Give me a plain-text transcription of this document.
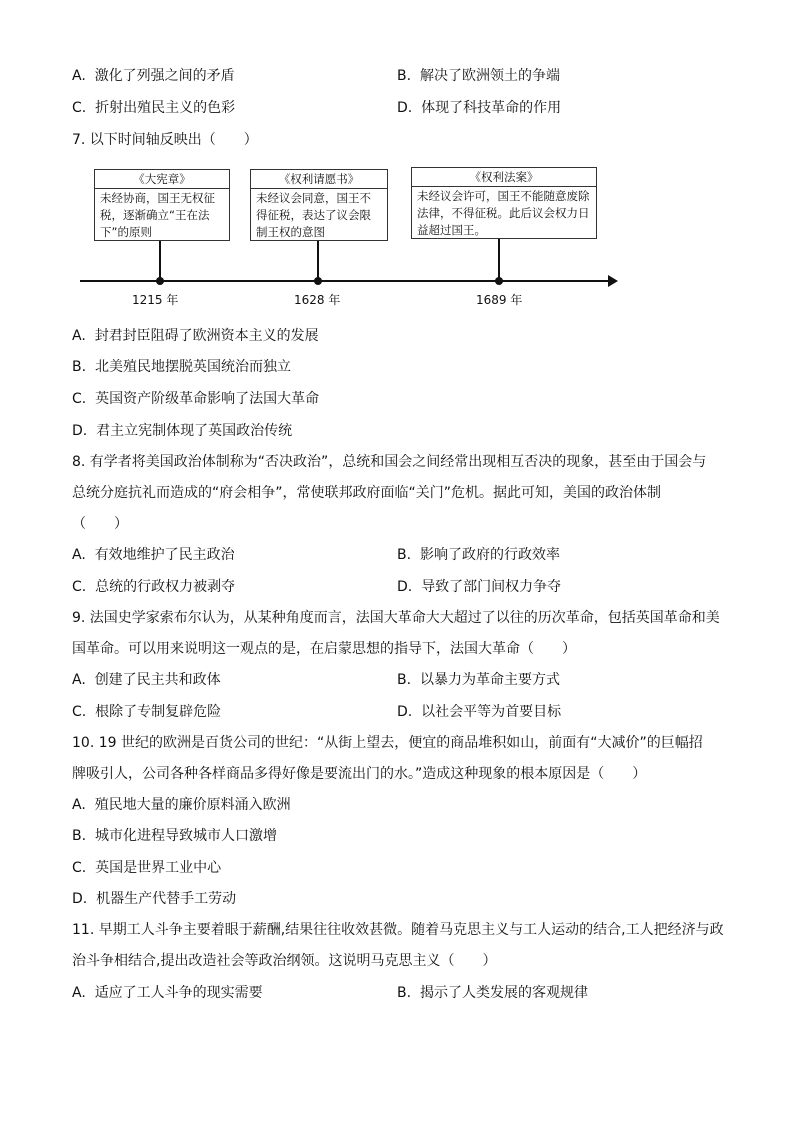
A. 激化了列强之间的矛盾	B. 解决了欧洲领土的争端
C. 折射出殖民主义的色彩	D. 体现了科技革命的作用
7. 以下时间轴反映出（　　）
《大宪章》
未经协商，国王无权征税，逐渐确立“王在法下”的原则
《权利请愿书》
未经议会同意，国王不得征税，表达了议会限制王权的意图
《权利法案》
未经议会许可，国王不能随意废除法律，不得征税。此后议会权力日益超过国王。
1215 年	1628 年	1689 年
A. 封君封臣阻碍了欧洲资本主义的发展
B. 北美殖民地摆脱英国统治而独立
C. 英国资产阶级革命影响了法国大革命
D. 君主立宪制体现了英国政治传统
8. 有学者将美国政治体制称为“否决政治”，总统和国会之间经常出现相互否决的现象，甚至由于国会与
总统分庭抗礼而造成的“府会相争”，常使联邦政府面临“关门”危机。据此可知，美国的政治体制
（　　）
A. 有效地维护了民主政治	B. 影响了政府的行政效率
C. 总统的行政权力被剥夺	D. 导致了部门间权力争夺
9. 法国史学家索布尔认为，从某种角度而言，法国大革命大大超过了以往的历次革命，包括英国革命和美
国革命。可以用来说明这一观点的是，在启蒙思想的指导下，法国大革命（　　）
A. 创建了民主共和政体	B. 以暴力为革命主要方式
C. 根除了专制复辟危险	D. 以社会平等为首要目标
10. 19 世纪的欧洲是百货公司的世纪：“从街上望去，便宜的商品堆积如山，前面有“大减价”的巨幅招
牌吸引人，公司各种各样商品多得好像是要流出门的水。”造成这种现象的根本原因是（　　）
A. 殖民地大量的廉价原料涌入欧洲
B. 城市化进程导致城市人口激增
C. 英国是世界工业中心
D. 机器生产代替手工劳动
11. 早期工人斗争主要着眼于薪酬,结果往往收效甚微。随着马克思主义与工人运动的结合,工人把经济与政
治斗争相结合,提出改造社会等政治纲领。这说明马克思主义（　　）
A. 适应了工人斗争的现实需要	B. 揭示了人类发展的客观规律
